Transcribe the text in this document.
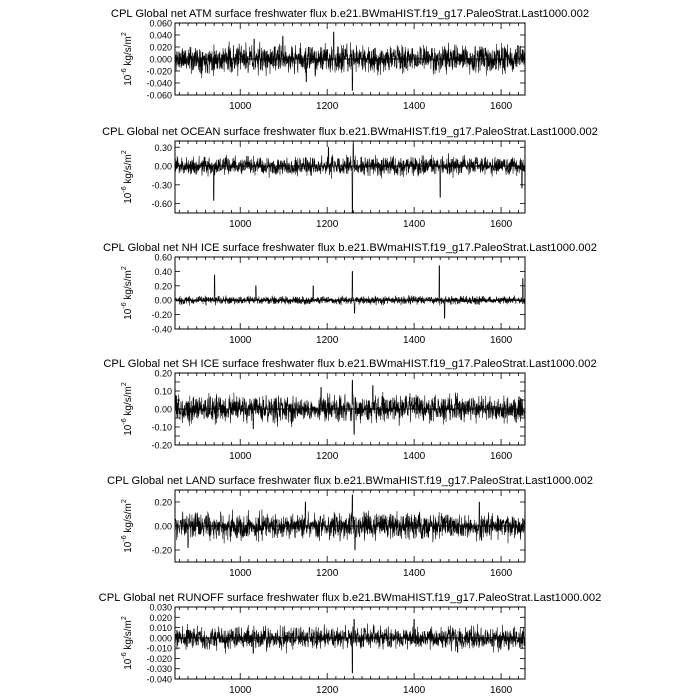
CPL Global net ATM surface freshwater flux b.e21.BWmaHIST.f19_g17.PaleoStrat.Last1000.002
$10^{-6}$ $kg/s/m^2$
1000	1200	1400	1600
-0.060
-0.040
-0.020
0.000
0.020
0.040
0.060
CPL Global net OCEAN surface freshwater flux b.e21.BWmaHIST.f19_g17.PaleoStrat.Last1000.002
$10^{-6}$ $kg/s/m^2$
1000	1200	1400	1600
-0.60
-0.30
0.00
0.30
CPL Global net NH ICE surface freshwater flux b.e21.BWmaHIST.f19_g17.PaleoStrat.Last1000.002
$10^{-6}$ $kg/s/m^2$
1000	1200	1400	1600
-0.40
-0.20
0.00
0.20
0.40
0.60
CPL Global net SH ICE surface freshwater flux b.e21.BWmaHIST.f19_g17.PaleoStrat.Last1000.002
$10^{-6}$ $kg/s/m^2$
1000	1200	1400	1600
-0.20
-0.10
0.00
0.10
0.20
CPL Global net LAND surface freshwater flux b.e21.BWmaHIST.f19_g17.PaleoStrat.Last1000.002
$10^{-6}$ $kg/s/m^2$
1000	1200	1400	1600
-0.20
0.00
0.20
CPL Global net RUNOFF surface freshwater flux b.e21.BWmaHIST.f19_g17.PaleoStrat.Last1000.002
$10^{-6}$ $kg/s/m^2$
1000	1200	1400	1600
-0.040
-0.030
-0.020
-0.010
0.000
0.010
0.020
0.030
